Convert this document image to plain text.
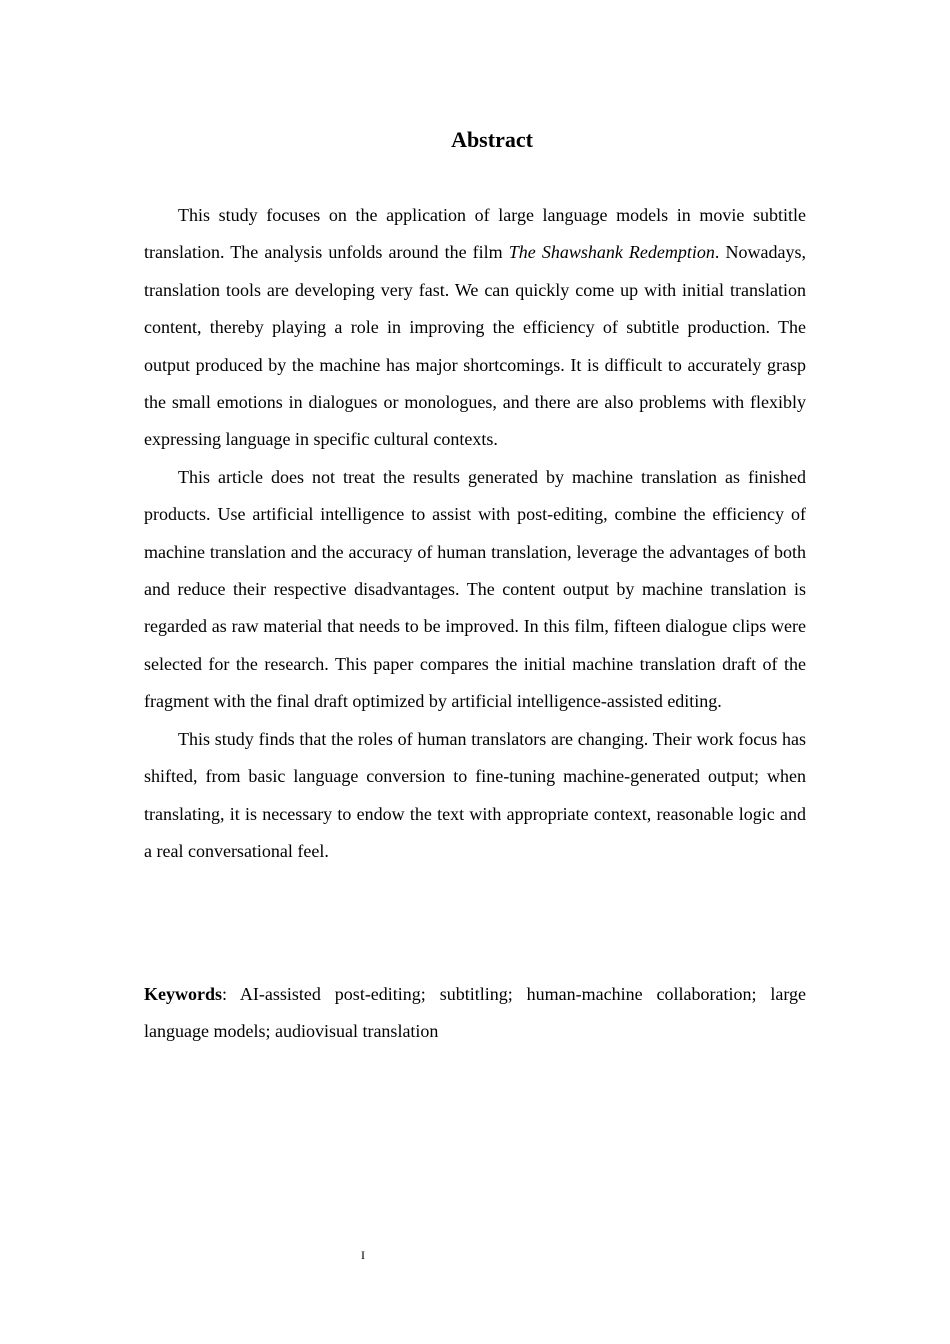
Abstract

This study focuses on the application of large language models in movie subtitle translation. The analysis unfolds around the film The Shawshank Redemption. Nowadays, translation tools are developing very fast. We can quickly come up with initial translation content, thereby playing a role in improving the efficiency of subtitle production. The output produced by the machine has major shortcomings. It is difficult to accurately grasp the small emotions in dialogues or monologues, and there are also problems with flexibly expressing language in specific cultural contexts.

This article does not treat the results generated by machine translation as finished products. Use artificial intelligence to assist with post-editing, combine the efficiency of machine translation and the accuracy of human translation, leverage the advantages of both and reduce their respective disadvantages. The content output by machine translation is regarded as raw material that needs to be improved. In this film, fifteen dialogue clips were selected for the research. This paper compares the initial machine translation draft of the fragment with the final draft optimized by artificial intelligence-assisted editing.

This study finds that the roles of human translators are changing. Their work focus has shifted, from basic language conversion to fine-tuning machine-generated output; when translating, it is necessary to endow the text with appropriate context, reasonable logic and a real conversational feel.

Keywords: AI-assisted post-editing; subtitling; human-machine collaboration; large language models; audiovisual translation

I
